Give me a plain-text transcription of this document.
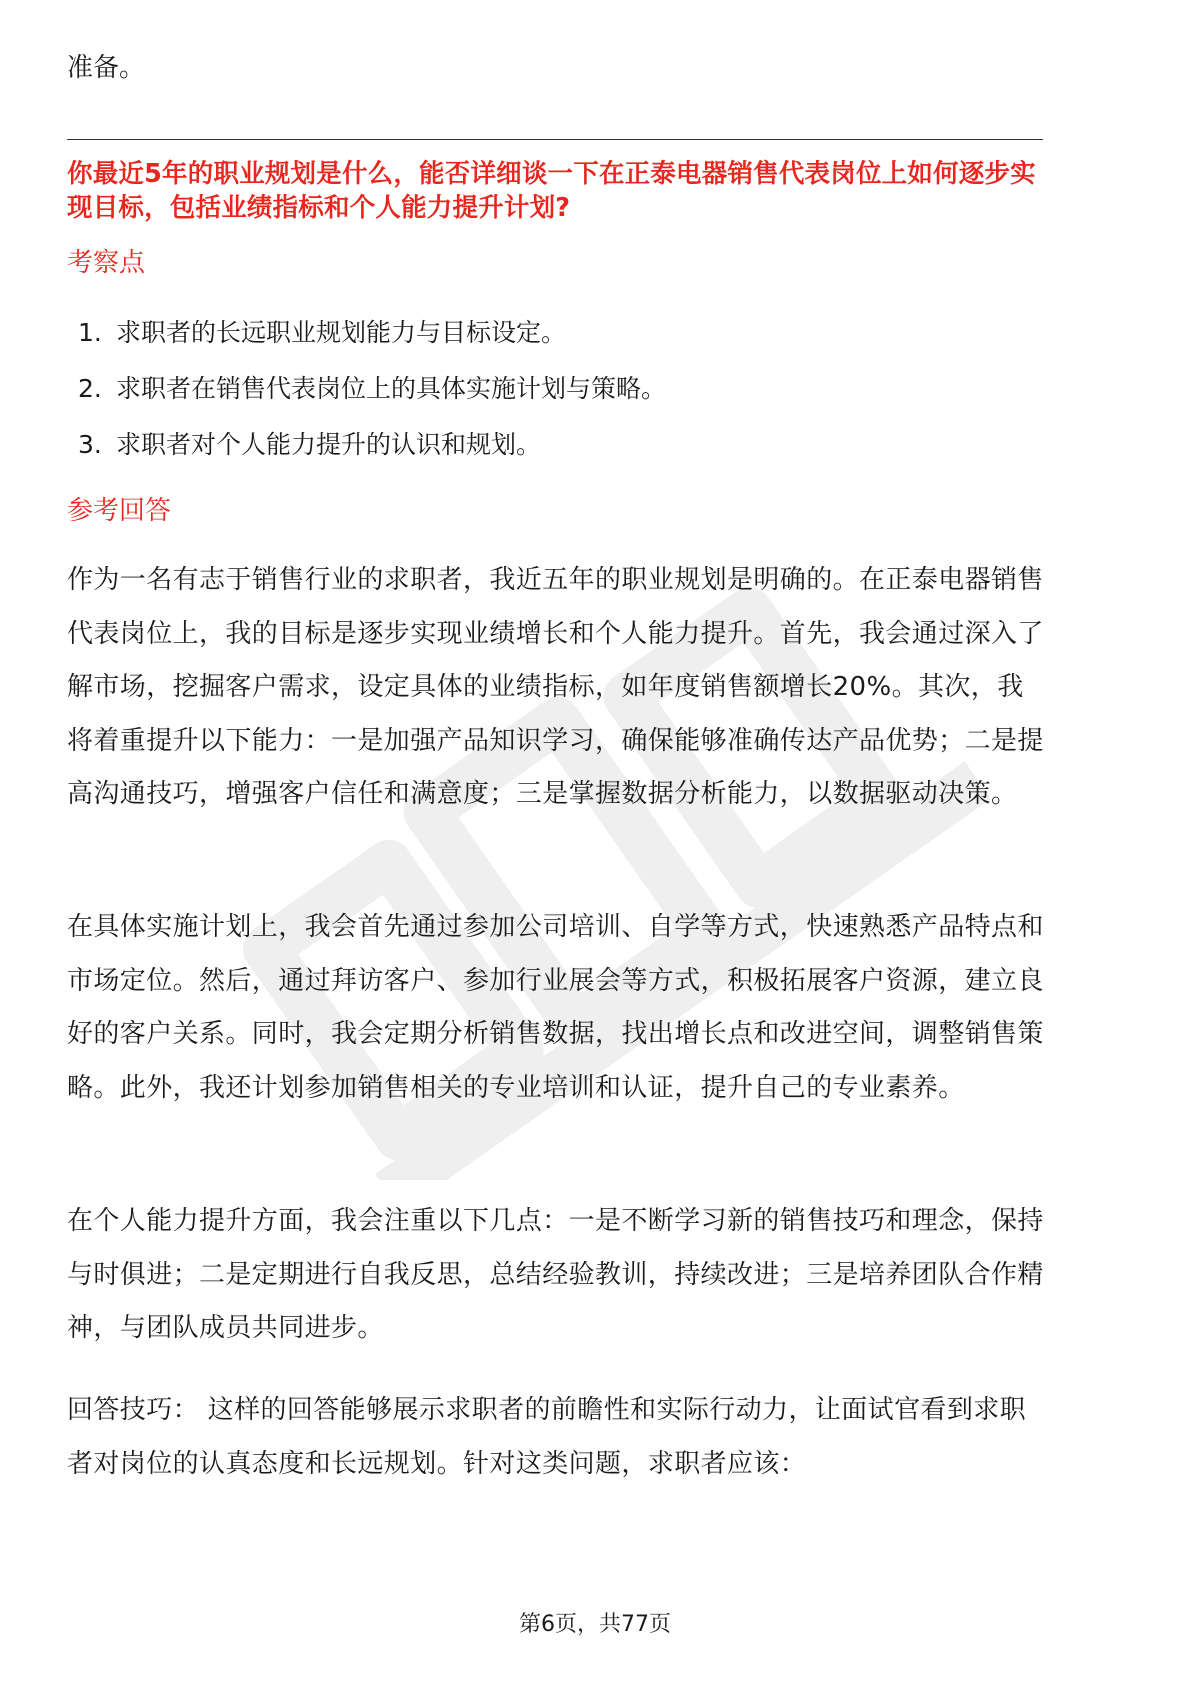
准备。
你最近5年的职业规划是什么，能否详细谈一下在正泰电器销售代表岗位上如何逐步实现目标，包括业绩指标和个人能力提升计划?
考察点
1. 求职者的长远职业规划能力与目标设定。
2. 求职者在销售代表岗位上的具体实施计划与策略。
3. 求职者对个人能力提升的认识和规划。
参考回答

作为一名有志于销售行业的求职者，我近五年的职业规划是明确的。在正泰电器销售代表岗位上，我的目标是逐步实现业绩增长和个人能力提升。首先，我会通过深入了解市场，挖掘客户需求，设定具体的业绩指标，如年度销售额增长20%。其次，我将着重提升以下能力：一是加强产品知识学习，确保能够准确传达产品优势；二是提高沟通技巧，增强客户信任和满意度；三是掌握数据分析能力，以数据驱动决策。

在具体实施计划上，我会首先通过参加公司培训、自学等方式，快速熟悉产品特点和市场定位。然后，通过拜访客户、参加行业展会等方式，积极拓展客户资源，建立良好的客户关系。同时，我会定期分析销售数据，找出增长点和改进空间，调整销售策略。此外，我还计划参加销售相关的专业培训和认证，提升自己的专业素养。

在个人能力提升方面，我会注重以下几点：一是不断学习新的销售技巧和理念，保持与时俱进；二是定期进行自我反思，总结经验教训，持续改进；三是培养团队合作精神，与团队成员共同进步。

回答技巧： 这样的回答能够展示求职者的前瞻性和实际行动力，让面试官看到求职者对岗位的认真态度和长远规划。针对这类问题，求职者应该：

第6页，共77页
